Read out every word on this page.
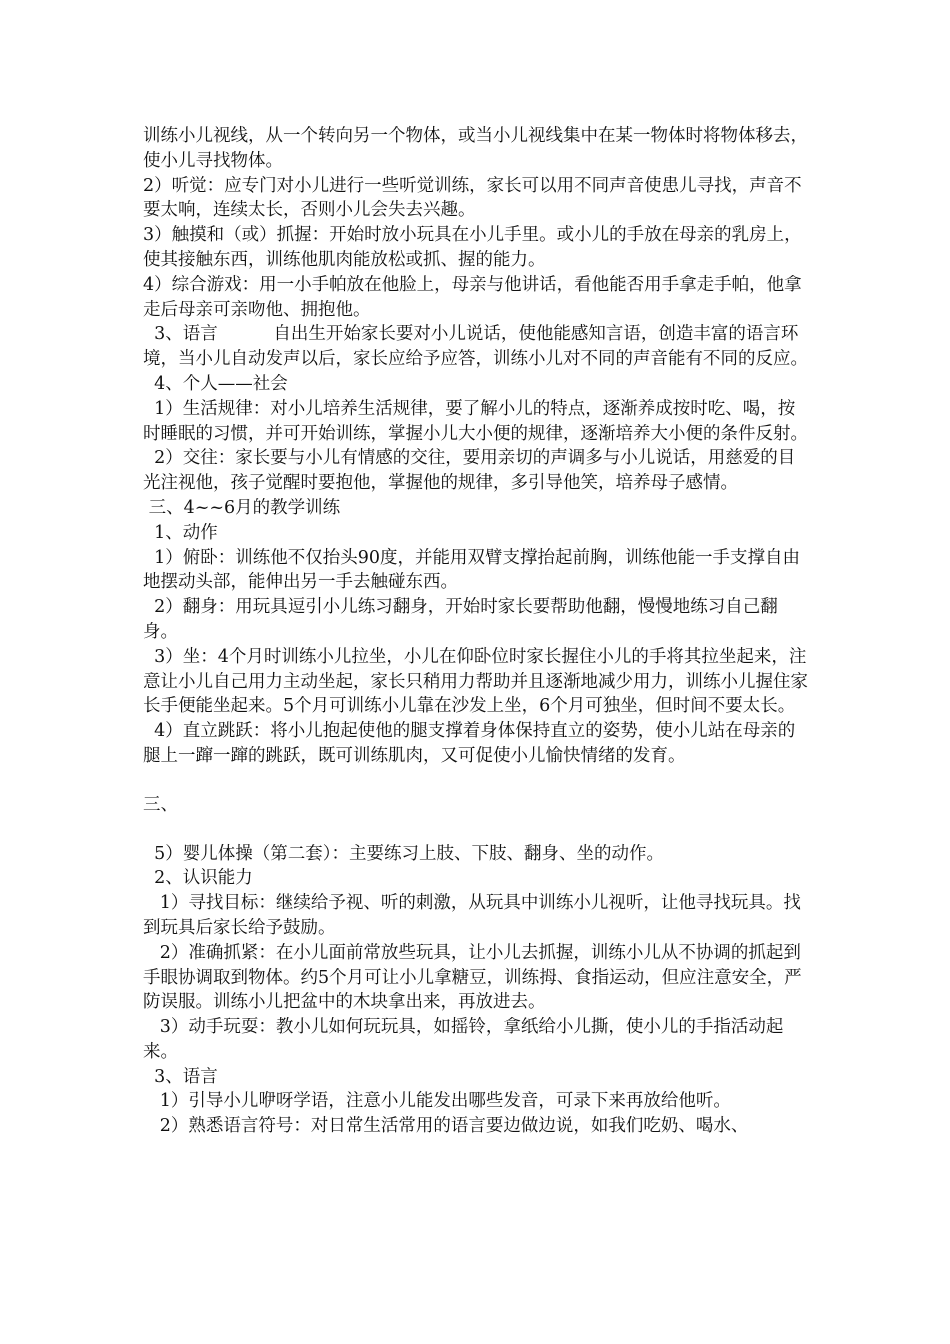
训练小儿视线，从一个转向另一个物体，或当小儿视线集中在某一物体时将物体移去，使小儿寻找物体。

2）听觉：应专门对小儿进行一些听觉训练，家长可以用不同声音使患儿寻找，声音不要太响，连续太长，否则小儿会失去兴趣。

3）触摸和（或）抓握：开始时放小玩具在小儿手里。或小儿的手放在母亲的乳房上，使其接触东西，训练他肌肉能放松或抓、握的能力。

4）综合游戏：用一小手帕放在他脸上，母亲与他讲话，看他能否用手拿走手帕，他拿走后母亲可亲吻他、拥抱他。

3、语言          自出生开始家长要对小儿说话，使他能感知言语，创造丰富的语言环境，当小儿自动发声以后，家长应给予应答，训练小儿对不同的声音能有不同的反应。

4、个人——社会

1）生活规律：对小儿培养生活规律，要了解小儿的特点，逐渐养成按时吃、喝，按时睡眠的习惯，并可开始训练，掌握小儿大小便的规律，逐渐培养大小便的条件反射。

2）交往：家长要与小儿有情感的交往，要用亲切的声调多与小儿说话，用慈爱的目光注视他，孩子觉醒时要抱他，掌握他的规律，多引导他笑，培养母子感情。

三、4~~6月的教学训练

1、动作

1）俯卧：训练他不仅抬头90度，并能用双臂支撑抬起前胸，训练他能一手支撑自由地摆动头部，能伸出另一手去触碰东西。

2）翻身：用玩具逗引小儿练习翻身，开始时家长要帮助他翻，慢慢地练习自己翻身。

3）坐：4个月时训练小儿拉坐，小儿在仰卧位时家长握住小儿的手将其拉坐起来，注意让小儿自己用力主动坐起，家长只稍用力帮助并且逐渐地减少用力，训练小儿握住家长手便能坐起来。5个月可训练小儿靠在沙发上坐，6个月可独坐，但时间不要太长。

4）直立跳跃：将小儿抱起使他的腿支撑着身体保持直立的姿势，使小儿站在母亲的腿上一蹿一蹿的跳跃，既可训练肌肉，又可促使小儿愉快情绪的发育。

三、

5）婴儿体操（第二套）：主要练习上肢、下肢、翻身、坐的动作。

2、认识能力

1）寻找目标：继续给予视、听的刺激，从玩具中训练小儿视听，让他寻找玩具。找到玩具后家长给予鼓励。

2）准确抓紧：在小儿面前常放些玩具，让小儿去抓握，训练小儿从不协调的抓起到手眼协调取到物体。约5个月可让小儿拿糖豆，训练拇、食指运动，但应注意安全，严防误服。训练小儿把盆中的木块拿出来，再放进去。

3）动手玩耍：教小儿如何玩玩具，如摇铃，拿纸给小儿撕，使小儿的手指活动起来。

3、语言

1）引导小儿咿呀学语，注意小儿能发出哪些发音，可录下来再放给他听。

2）熟悉语言符号：对日常生活常用的语言要边做边说，如我们吃奶、喝水、
